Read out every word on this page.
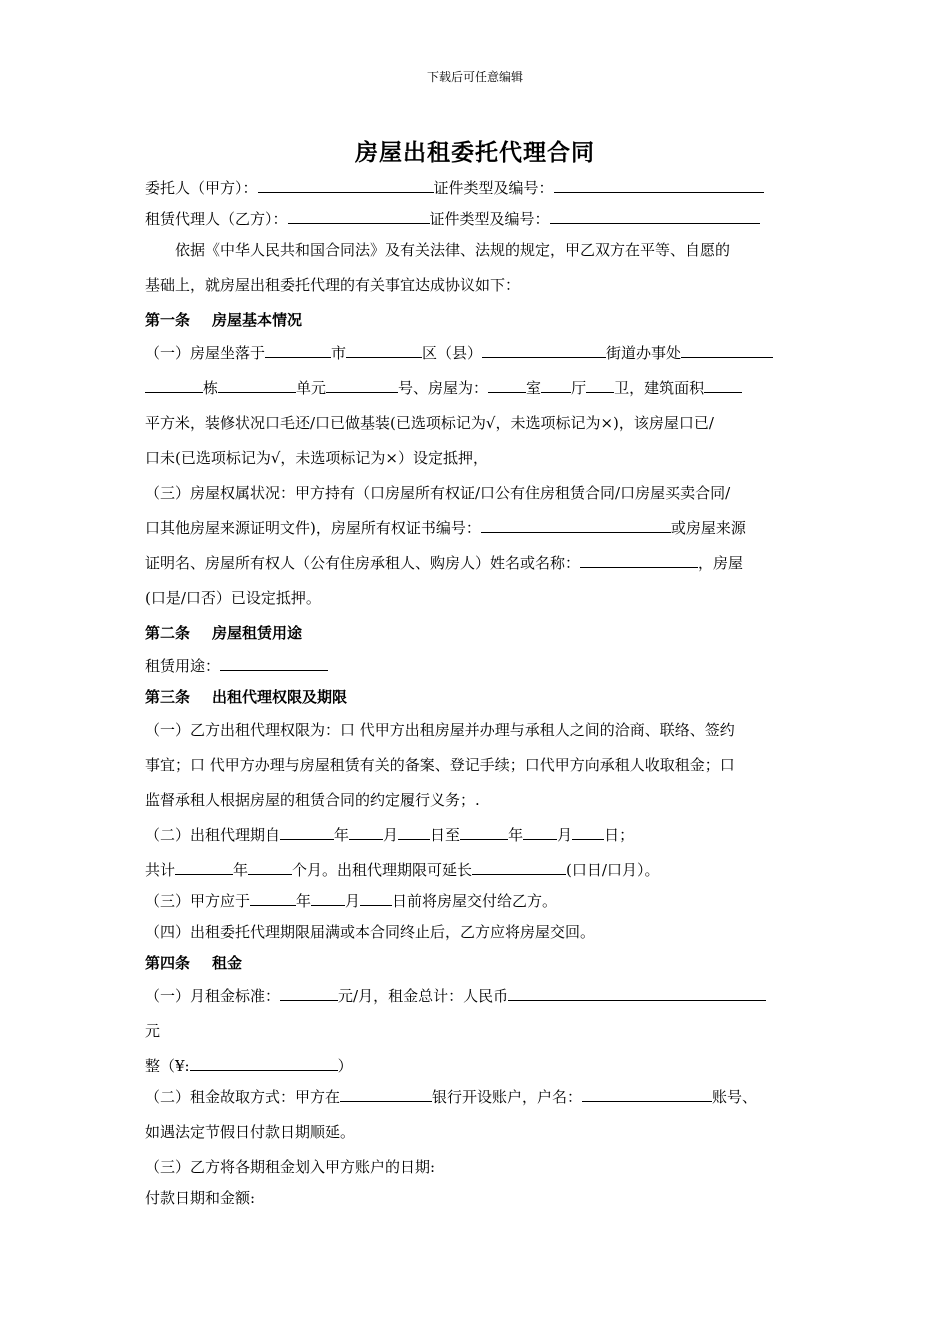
下载后可任意编辑
房屋出租委托代理合同
委托人（甲方）：	证件类型及编号：
租赁代理人（乙方）：	证件类型及编号：
依据《中华人民共和国合同法》及有关法律、法规的规定，甲乙双方在平等、自愿的
基础上，就房屋出租委托代理的有关事宜达成协议如下：
第一条 房屋基本情况
（一）房屋坐落于	市	区（县）	街道办事处
栋	单元	号、房屋为：	室 厅 卫，建筑面积
平方米，装修状况口毛还/口已做基装(已选项标记为√，未选项标记为×)，该房屋口已/
口未(已选项标记为√，未选项标记为×）设定抵押，
（三）房屋权属状况：甲方持有（口房屋所有权证/口公有住房租赁合同/口房屋买卖合同/
口其他房屋来源证明文件)，房屋所有权证书编号：	或房屋来源
证明名、房屋所有权人（公有住房承租人、购房人）姓名或名称：	，房屋
(口是/口否）已设定抵押。
第二条 房屋租赁用途
租赁用途：
第三条 出租代理权限及期限
（一）乙方出租代理权限为：口 代甲方出租房屋并办理与承租人之间的洽商、联络、签约
事宜；口 代甲方办理与房屋租赁有关的备案、登记手续；口代甲方向承租人收取租金；口
监督承租人根据房屋的租赁合同的约定履行义务；.
（二）出租代理期自	年 月 日至	年 月 日；
共计	年	个月。出租代理期限可延长	(口日/口月）。
（三）甲方应于	年 月 日前将房屋交付给乙方。
（四）出租委托代理期限届满或本合同终止后，乙方应将房屋交回。
第四条 租金
（一）月租金标准：	元/月，租金总计：人民币
元
整（¥:	）
（二）租金故取方式：甲方在	银行开设账户，户名：	账号、
如遇法定节假日付款日期顺延。
（三）乙方将各期租金划入甲方账户的日期:
付款日期和金额:
